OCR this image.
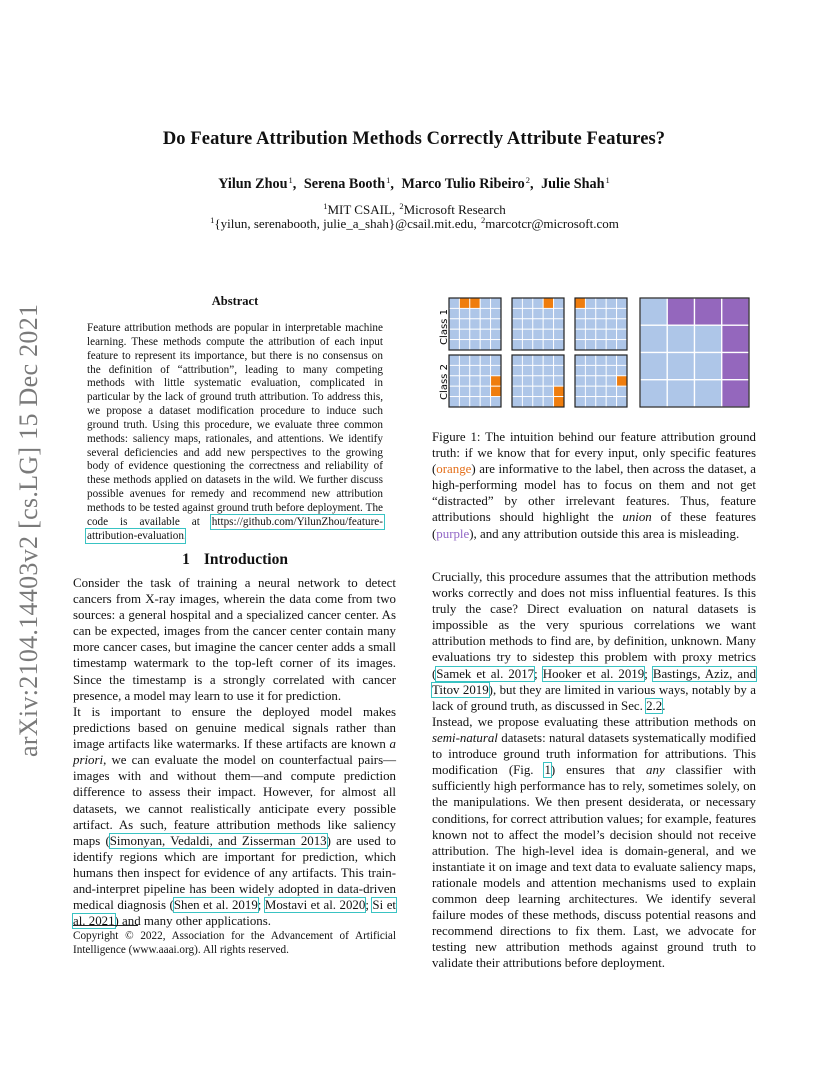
Do Feature Attribution Methods Correctly Attribute Features?
Yilun Zhou$^1$, Serena Booth$^1$, Marco Tulio Ribeiro$^2$, Julie Shah$^1$
$^1$MIT CSAIL, $^2$Microsoft Research
$^1${yilun, serenabooth, julie_a_shah}@csail.mit.edu, $^2$marcotcr@microsoft.com
arXiv:2104.14403v2 [cs.LG] 15 Dec 2021
Abstract
Feature attribution methods are popular in interpretable machine learning. These methods compute the attribution of each input feature to represent its importance, but there is no consensus on the definition of “attribution”, leading to many competing methods with little systematic evaluation, complicated in particular by the lack of ground truth attribution. To address this, we propose a dataset modification procedure to induce such ground truth. Using this procedure, we evaluate three common methods: saliency maps, rationales, and attentions. We identify several deficiencies and add new perspectives to the growing body of evidence questioning the correctness and reliability of these methods applied on datasets in the wild. We further discuss possible avenues for remedy and recommend new attribution methods to be tested against ground truth before deployment. The code is available at https://github.com/YilunZhou/feature-attribution-evaluation.
1 Introduction
Consider the task of training a neural network to detect cancers from X-ray images, wherein the data come from two sources: a general hospital and a specialized cancer center. As can be expected, images from the cancer center contain many more cancer cases, but imagine the cancer center adds a small timestamp watermark to the top-left corner of its images. Since the timestamp is a strongly correlated with cancer presence, a model may learn to use it for prediction.
It is important to ensure the deployed model makes predictions based on genuine medical signals rather than image artifacts like watermarks. If these artifacts are known a priori, we can evaluate the model on counterfactual pairs—images with and without them—and compute prediction difference to assess their impact. However, for almost all datasets, we cannot realistically anticipate every possible artifact. As such, feature attribution methods like saliency maps (Simonyan, Vedaldi, and Zisserman 2013) are used to identify regions which are important for prediction, which humans then inspect for evidence of any artifacts. This train-and-interpret pipeline has been widely adopted in data-driven medical diagnosis (Shen et al. 2019; Mostavi et al. 2020; Si et al. 2021) and many other applications.
Copyright © 2022, Association for the Advancement of Artificial Intelligence (www.aaai.org). All rights reserved.
Class 1
Class 2
Figure 1: The intuition behind our feature attribution ground truth: if we know that for every input, only specific features (orange) are informative to the label, then across the dataset, a high-performing model has to focus on them and not get “distracted” by other irrelevant features. Thus, feature attributions should highlight the union of these features (purple), and any attribution outside this area is misleading.
Crucially, this procedure assumes that the attribution methods works correctly and does not miss influential features. Is this truly the case? Direct evaluation on natural datasets is impossible as the very spurious correlations we want attribution methods to find are, by definition, unknown. Many evaluations try to sidestep this problem with proxy metrics (Samek et al. 2017; Hooker et al. 2019; Bastings, Aziz, and Titov 2019), but they are limited in various ways, notably by a lack of ground truth, as discussed in Sec. 2.2.
Instead, we propose evaluating these attribution methods on semi-natural datasets: natural datasets systematically modified to introduce ground truth information for attributions. This modification (Fig. 1) ensures that any classifier with sufficiently high performance has to rely, sometimes solely, on the manipulations. We then present desiderata, or necessary conditions, for correct attribution values; for example, features known not to affect the model’s decision should not receive attribution. The high-level idea is domain-general, and we instantiate it on image and text data to evaluate saliency maps, rationale models and attention mechanisms used to explain common deep learning architectures. We identify several failure modes of these methods, discuss potential reasons and recommend directions to fix them. Last, we advocate for testing new attribution methods against ground truth to validate their attributions before deployment.
